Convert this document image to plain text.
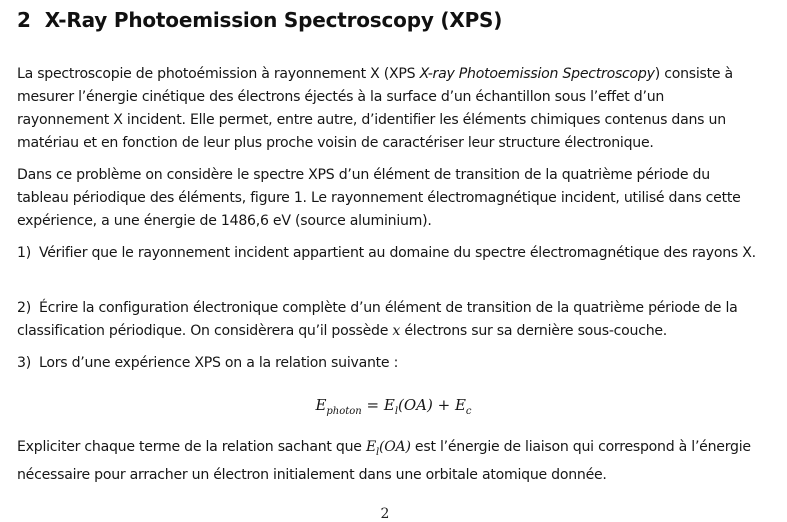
2 X-Ray Photoemission Spectroscopy (XPS)

La spectroscopie de photoémission à rayonnement X (XPS X-ray Photoemission Spectroscopy) consiste à mesurer l’énergie cinétique des électrons éjectés à la surface d’un échantillon sous l’effet d’un rayonnement X incident. Elle permet, entre autre, d’identifier les éléments chimiques contenus dans un matériau et en fonction de leur plus proche voisin de caractériser leur structure électronique.

Dans ce problème on considère le spectre XPS d’un élément de transition de la quatrième période du tableau périodique des éléments, figure 1. Le rayonnement électromagnétique incident, utilisé dans cette expérience, a une énergie de 1486,6 eV (source aluminium).

1) Vérifier que le rayonnement incident appartient au domaine du spectre électromagnétique des rayons X.

2) Écrire la configuration électronique complète d’un élément de transition de la quatrième période de la classification périodique. On considèrera qu’il possède x électrons sur sa dernière sous-couche.

3) Lors d’une expérience XPS on a la relation suivante :

$E_{photon} = E_l(OA) + E_c$

Expliciter chaque terme de la relation sachant que $E_l(OA)$ est l’énergie de liaison qui correspond à l’énergie nécessaire pour arracher un électron initialement dans une orbitale atomique donnée.

2
